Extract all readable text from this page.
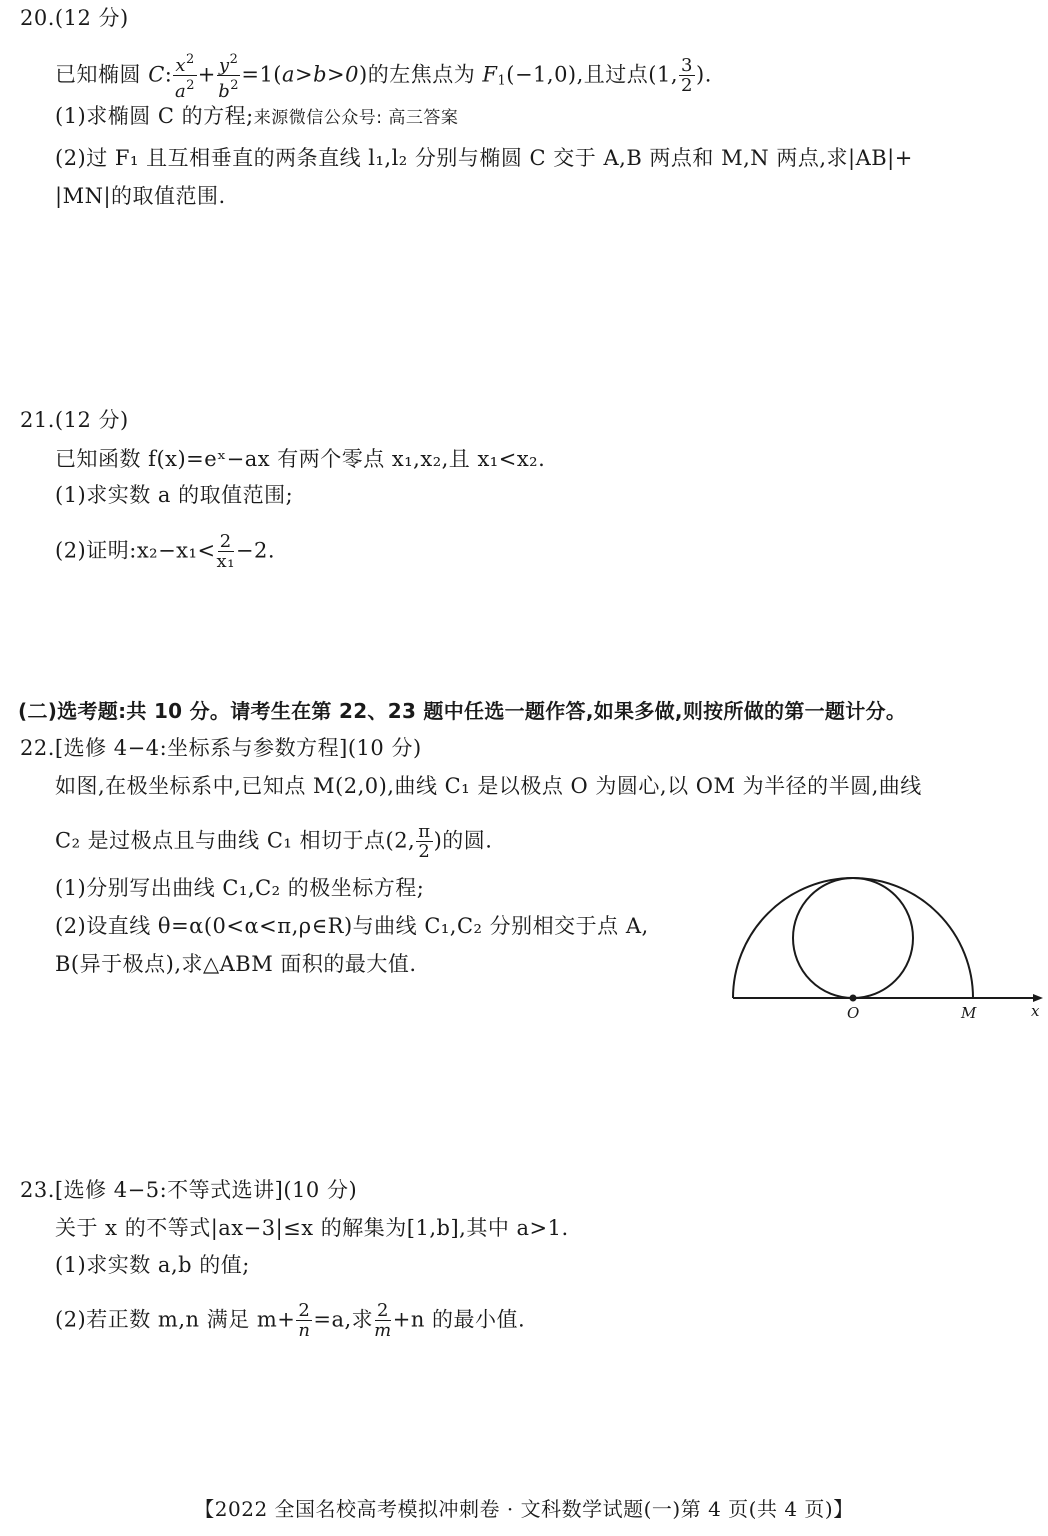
20.(12 分)
已知椭圆 C: $\frac{x^2}{a^2} + \frac{y^2}{b^2} =1(a>b>0)$的左焦点为 $F_1(-1,0)$,且过点(1, $\frac{3}{2}$ ).
(1)求椭圆 C 的方程;来源微信公众号: 高三答案
(2)过 F₁ 且互相垂直的两条直线 l₁,l₂ 分别与椭圆 C 交于 A,B 两点和 M,N 两点,求|AB|+
|MN|的取值范围.
21.(12 分)
已知函数 f(x)=eˣ−ax 有两个零点 x₁,x₂,且 x₁<x₂.
(1)求实数 a 的取值范围;
(2)证明:x₂−x₁< $\frac{2}{\text{x₁}} -2$.
(二)选考题:共 10 分。请考生在第 22、23 题中任选一题作答,如果多做,则按所做的第一题计分。
22.[选修 4−4:坐标系与参数方程](10 分)
如图,在极坐标系中,已知点 M(2,0),曲线 C₁ 是以极点 O 为圆心,以 OM 为半径的半圆,曲线
C₂ 是过极点且与曲线 C₁ 相切于点(2, $\frac{\pi}{2}$ )的圆.
(1)分别写出曲线 C₁,C₂ 的极坐标方程;
(2)设直线 θ=α(0<α<π,ρ∈R)与曲线 C₁,C₂ 分别相交于点 A,
B(异于极点),求△ABM 面积的最大值.
O	M	x
23.[选修 4−5:不等式选讲](10 分)
关于 x 的不等式|ax−3|≤x 的解集为[1,b],其中 a>1.
(1)求实数 a,b 的值;
(2)若正数 m,n 满足 $m+ \frac{2}{n} =a$,求 $\frac{2}{m} +n$ 的最小值.
【2022 全国名校高考模拟冲刺卷 · 文科数学试题(一)第 4 页(共 4 页)】
